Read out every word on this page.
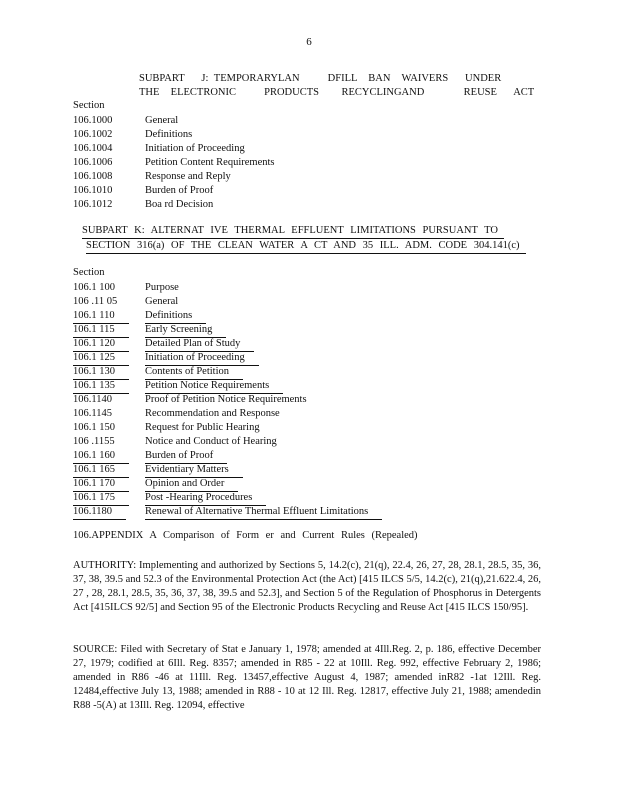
6
SUBPART   J: TEMPORARYLAN     DFILL  BAN  WAIVERS   UNDER
THE  ELECTRONIC     PRODUCTS    RECYCLINGAND       REUSE   ACT
Section
106.1000	General
106.1002	Definitions
106.1004	Initiation of Proceeding
106.1006	Petition Content Requirements
106.1008	Response and Reply
106.1010	Burden of Proof
106.1012	Boa rd Decision
SUBPART K: ALTERNAT IVE THERMAL EFFLUENT LIMITATIONS PURSUANT TO
SECTION 316(a) OF THE CLEAN WATER A CT AND 35 ILL. ADM. CODE 304.141(c)
Section
106.1 100	Purpose
106 .11 05	General
106.1 110	Definitions
106.1 115	Early Screening
106.1 120	Detailed Plan of Study
106.1 125	Initiation of Proceeding
106.1 130	Contents of Petition
106.1 135	Petition Notice Requirements
106.1140	Proof of Petition Notice Requirements
106.1145	Recommendation and Response
106.1 150	Request for Public Hearing
106 .1155	Notice and Conduct of Hearing
106.1 160	Burden of Proof
106.1 165	Evidentiary Matters
106.1 170	Opinion and Order
106.1 175	Post -Hearing Procedures
106.1180	Renewal of Alternative Thermal Effluent Limitations
106.APPENDIX A Comparison of Form er and Current Rules (Repealed)
AUTHORITY: Implementing and authorized by Sections 5, 14.2(c), 21(q), 22.4, 26, 27, 28, 28.1, 28.5, 35, 36, 37, 38, 39.5 and 52.3 of the Environmental Protection Act (the Act) [415 ILCS 5/5, 14.2(c), 21(q),21.622.4, 26, 27 , 28, 28.1, 28.5, 35, 36, 37, 38, 39.5 and 52.3], and Section 5 of the Regulation of Phosphorus in Detergents Act [415ILCS 92/5] and Section 95 of the Electronic Products Recycling and Reuse Act [415 ILCS 150/95].
SOURCE: Filed with Secretary of Stat e January 1, 1978; amended at 4Ill.Reg. 2, p. 186, effective December 27, 1979; codified at 6Ill. Reg. 8357; amended in R85 - 22 at 10Ill. Reg. 992, effective February 2, 1986; amended in R86 -46 at 11Ill. Reg. 13457,effective August 4, 1987; amended inR82 -1at 12Ill. Reg. 12484,effective July 13, 1988; amended in R88 - 10 at 12 Ill. Reg. 12817, effective July 21, 1988; amendedin R88 -5(A) at 13Ill. Reg. 12094, effective
